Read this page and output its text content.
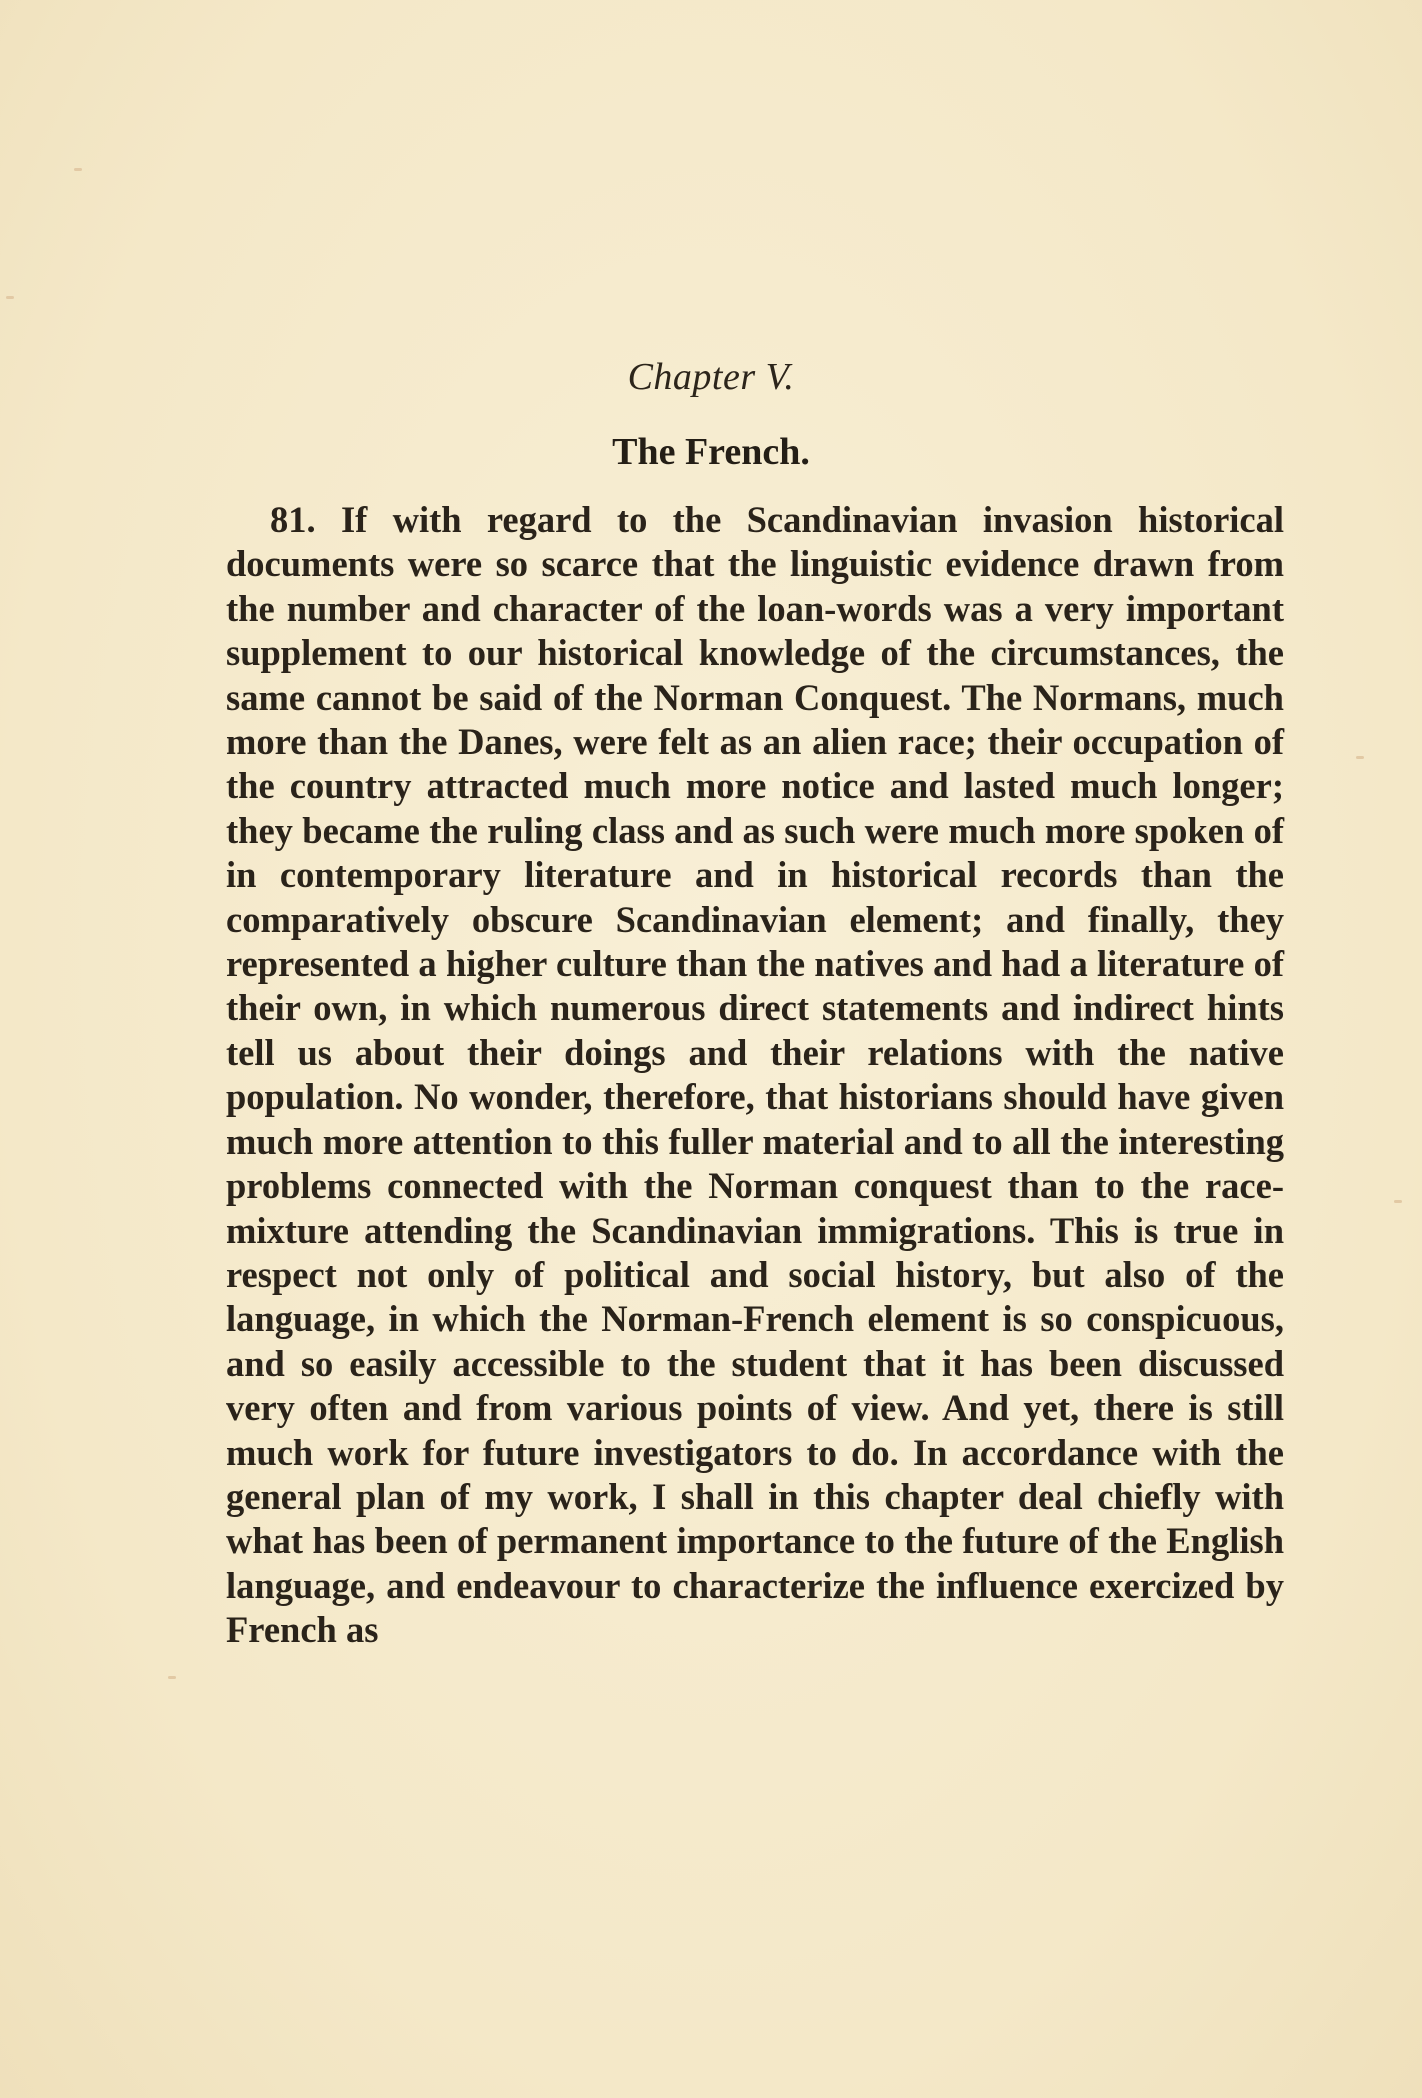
Chapter V.
The French.

81. If with regard to the Scandinavian invasion historical documents were so scarce that the linguistic evidence drawn from the number and character of the loan-words was a very important supplement to our historical knowledge of the circumstances, the same cannot be said of the Norman Conquest. The Normans, much more than the Danes, were felt as an alien race; their occupation of the country attracted much more notice and lasted much longer; they became the ruling class and as such were much more spoken of in contemporary literature and in historical records than the comparatively obscure Scandinavian element; and finally, they represented a higher culture than the natives and had a literature of their own, in which numerous direct statements and indirect hints tell us about their doings and their relations with the native population. No wonder, therefore, that historians should have given much more attention to this fuller material and to all the interesting problems connected with the Norman conquest than to the race-mixture attending the Scandinavian immigrations. This is true in respect not only of political and social history, but also of the language, in which the Norman-French element is so conspicuous, and so easily accessible to the student that it has been discussed very often and from various points of view. And yet, there is still much work for future investigators to do. In accordance with the general plan of my work, I shall in this chapter deal chiefly with what has been of permanent importance to the future of the English language, and endeavour to characterize the influence exercized by French as
